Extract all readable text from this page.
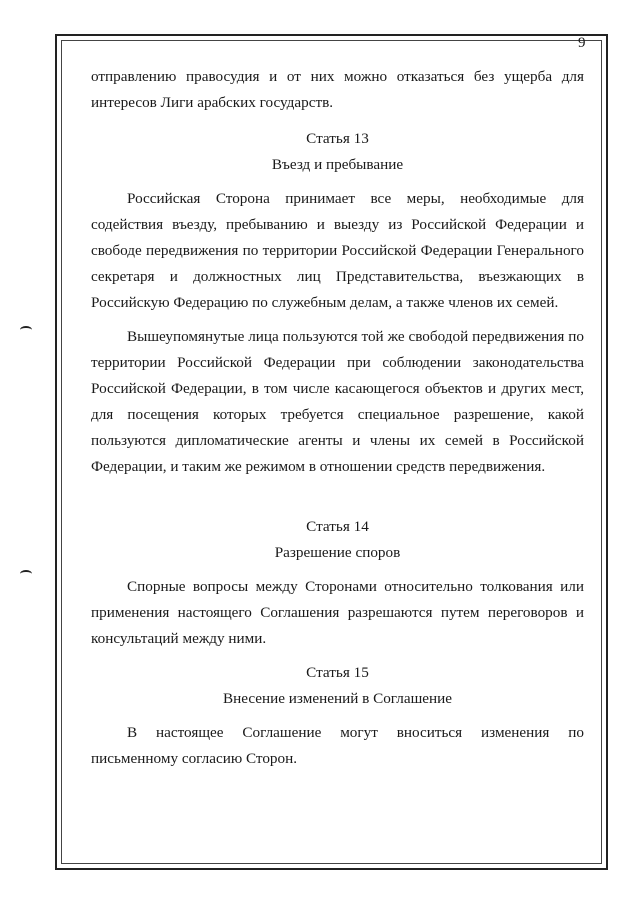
9

отправлению правосудия и от них можно отказаться без ущерба для интересов Лиги арабских государств.

Статья 13
Въезд и пребывание

Российская Сторона принимает все меры, необходимые для содействия въезду, пребыванию и выезду из Российской Федерации и свободе передвижения по территории Российской Федерации Генерального секретаря и должностных лиц Представительства, въезжающих в Российскую Федерацию по служебным делам, а также членов их семей.

Вышеупомянутые лица пользуются той же свободой передвижения по территории Российской Федерации при соблюдении законодательства Российской Федерации, в том числе касающегося объектов и других мест, для посещения которых требуется специальное разрешение, какой пользуются дипломатические агенты и члены их семей в Российской Федерации, и таким же режимом в отношении средств передвижения.

Статья 14
Разрешение споров

Спорные вопросы между Сторонами относительно толкования или применения настоящего Соглашения разрешаются путем переговоров и консультаций между ними.

Статья 15
Внесение изменений в Соглашение

В настоящее Соглашение могут вноситься изменения по письменному согласию Сторон.
